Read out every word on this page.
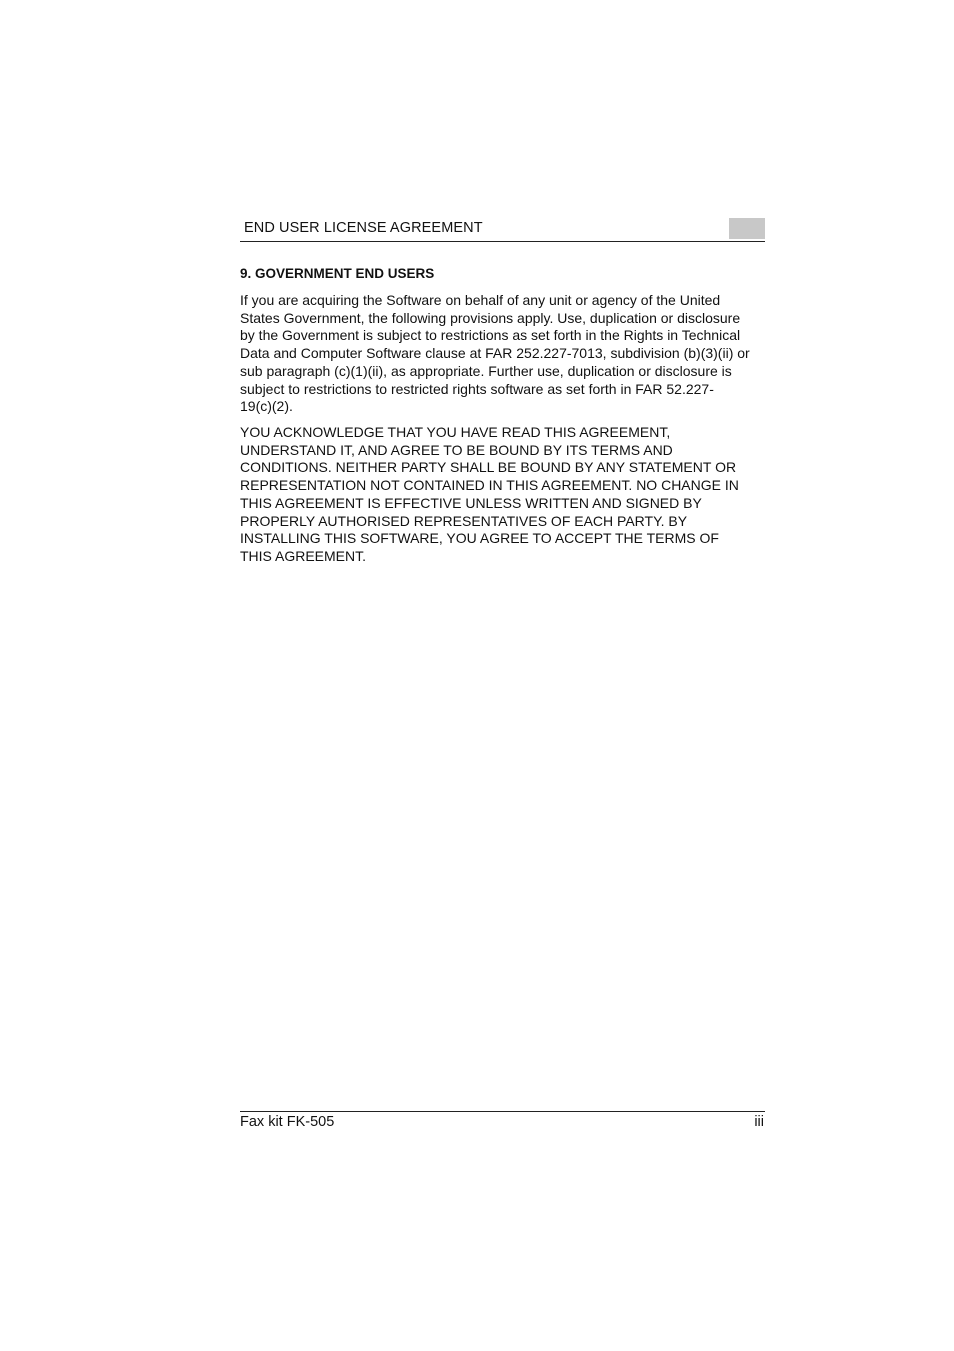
END USER LICENSE AGREEMENT
9. GOVERNMENT END USERS
If you are acquiring the Software on behalf of any unit or agency of the United
States Government, the following provisions apply. Use, duplication or disclosure
by the Government is subject to restrictions as set forth in the Rights in Technical
Data and Computer Software clause at FAR 252.227-7013, subdivision (b)(3)(ii) or
sub paragraph (c)(1)(ii), as appropriate. Further use, duplication or disclosure is
subject to restrictions to restricted rights software as set forth in FAR 52.227-
19(c)(2).
YOU ACKNOWLEDGE THAT YOU HAVE READ THIS AGREEMENT,
UNDERSTAND IT, AND AGREE TO BE BOUND BY ITS TERMS AND
CONDITIONS. NEITHER PARTY SHALL BE BOUND BY ANY STATEMENT OR
REPRESENTATION NOT CONTAINED IN THIS AGREEMENT. NO CHANGE IN
THIS AGREEMENT IS EFFECTIVE UNLESS WRITTEN AND SIGNED BY
PROPERLY AUTHORISED REPRESENTATIVES OF EACH PARTY. BY
INSTALLING THIS SOFTWARE, YOU AGREE TO ACCEPT THE TERMS OF
THIS AGREEMENT.
Fax kit FK-505	iii
